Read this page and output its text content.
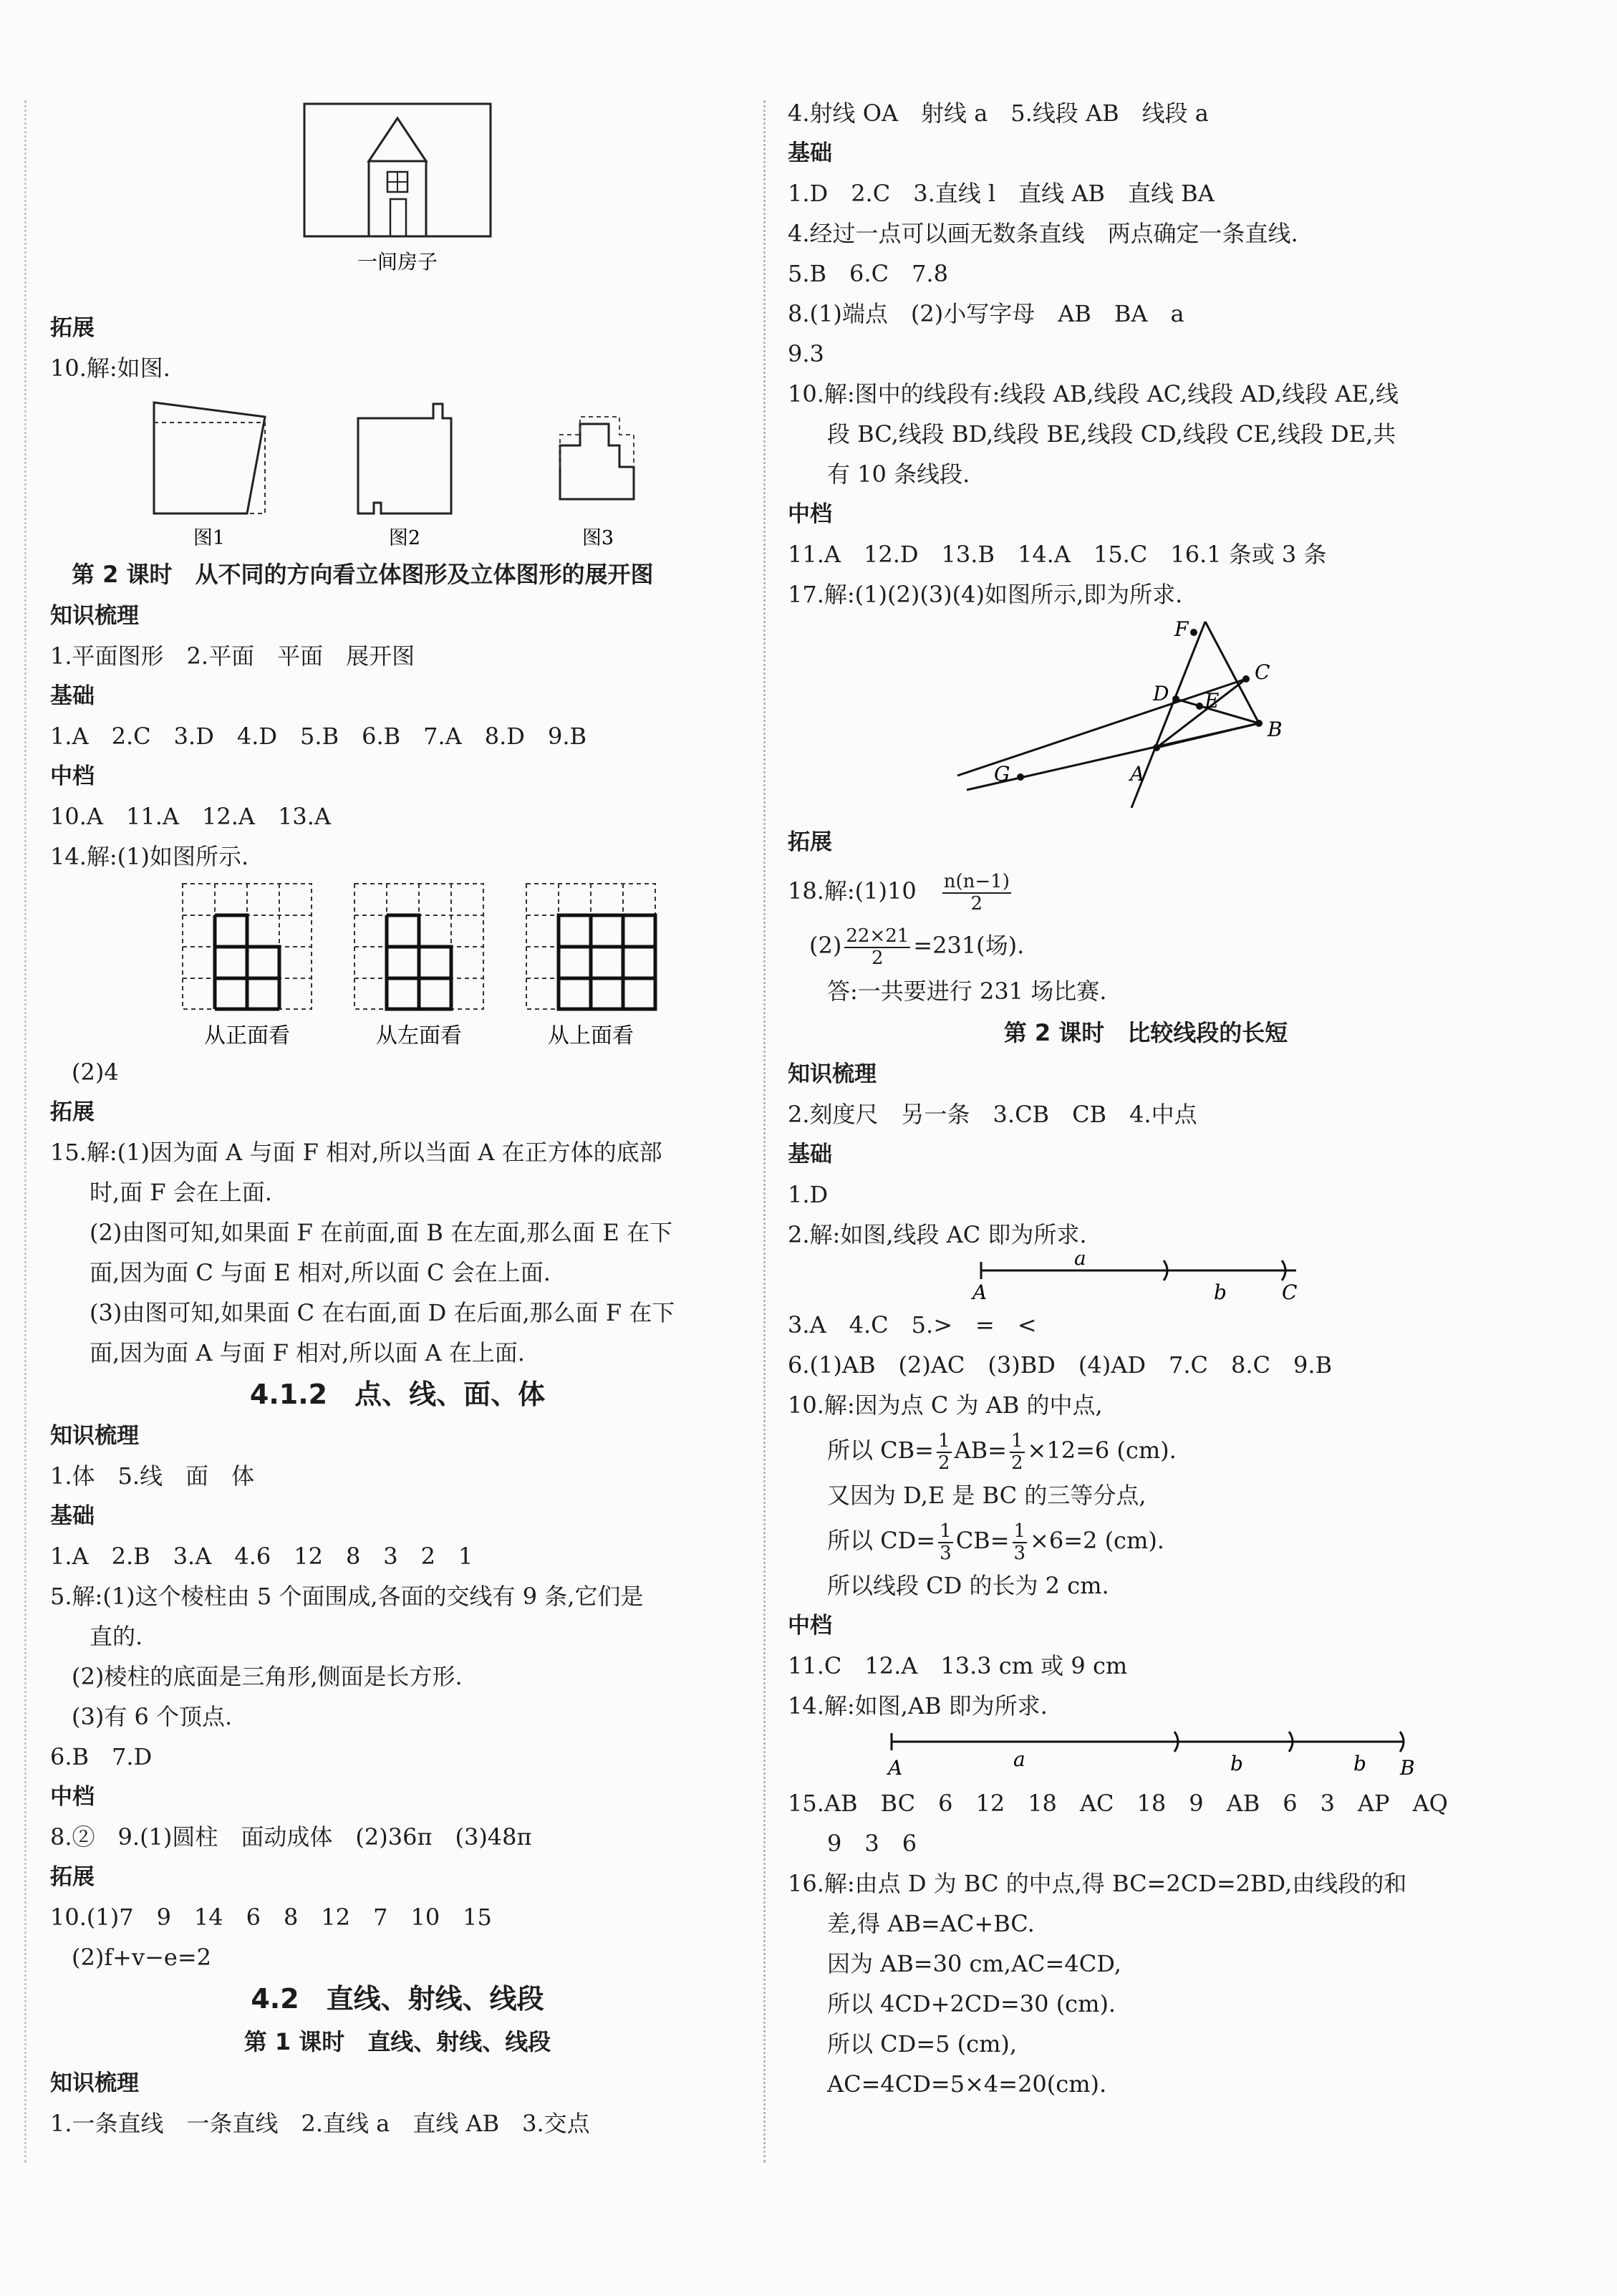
一间房子
拓展
10.解:如图.
图1	图2	图3
第 2 课时　从不同的方向看立体图形及立体图形的展开图
知识梳理
1.平面图形　2.平面　平面　展开图
基础
1.A　2.C　3.D　4.D　5.B　6.B　7.A　8.D　9.B
中档
10.A　11.A　12.A　13.A
14.解:(1)如图所示.
从正面看	从左面看	从上面看
(2)4
拓展
15.解:(1)因为面 A 与面 F 相对,所以当面 A 在正方体的底部
时,面 F 会在上面.
(2)由图可知,如果面 F 在前面,面 B 在左面,那么面 E 在下
面,因为面 C 与面 E 相对,所以面 C 会在上面.
(3)由图可知,如果面 C 在右面,面 D 在后面,那么面 F 在下
面,因为面 A 与面 F 相对,所以面 A 在上面.
4.1.2　点、线、面、体
知识梳理
1.体　5.线　面　体
基础
1.A　2.B　3.A　4.6　12　8　3　2　1
5.解:(1)这个棱柱由 5 个面围成,各面的交线有 9 条,它们是
直的.
(2)棱柱的底面是三角形,侧面是长方形.
(3)有 6 个顶点.
6.B　7.D
中档
8.②　9.(1)圆柱　面动成体　(2)36π　(3)48π
拓展
10.(1)7　9　14　6　8　12　7　10　15
(2)f+v−e=2
4.2　直线、射线、线段
第 1 课时　直线、射线、线段
知识梳理
1.一条直线　一条直线　2.直线 a　直线 AB　3.交点
4.射线 OA　射线 a　5.线段 AB　线段 a
基础
1.D　2.C　3.直线 l　直线 AB　直线 BA
4.经过一点可以画无数条直线　两点确定一条直线.
5.B　6.C　7.8
8.(1)端点　(2)小写字母　AB　BA　a
9.3
10.解:图中的线段有:线段 AB,线段 AC,线段 AD,线段 AE,线
段 BC,线段 BD,线段 BE,线段 CD,线段 CE,线段 DE,共
有 10 条线段.
中档
11.A　12.D　13.B　14.A　15.C　16.1 条或 3 条
17.解:(1)(2)(3)(4)如图所示,即为所求.
F
C
D E
G	A
B
拓展
18.解:(1)10　 $\frac{n(n-1)}{2}$
$(2) \frac{22\times 21}{2} =231$(场).
答:一共要进行 231 场比赛.
第 2 课时　比较线段的长短
知识梳理
2.刻度尺　另一条　3.CB　CB　4.中点
基础
1.D
2.解:如图,线段 AC 即为所求.
A
a
b	C
3.A　4.C　5.>　=　<
6.(1)AB　(2)AC　(3)BD　(4)AD　7.C　8.C　9.B
10.解:因为点 C 为 AB 的中点,
所以 $CB= \frac{1}{2} AB= \frac{1}{2} \times 12=6$ (cm).
又因为 D,E 是 BC 的三等分点,
所以 $CD= \frac{1}{3} CB= \frac{1}{3} \times 6=2$ (cm).
所以线段 CD 的长为 2 cm.
中档
11.C　12.A　13.3 cm 或 9 cm
14.解:如图,AB 即为所求.
A	a	b	b B
15.AB　BC　6　12　18　AC　18　9　AB　6　3　AP　AQ
9　3　6
16.解:由点 D 为 BC 的中点,得 BC=2CD=2BD,由线段的和
差,得 AB=AC+BC.
因为 AB=30 cm,AC=4CD,
所以 4CD+2CD=30 (cm).
所以 CD=5 (cm),
AC=4CD=5×4=20(cm).
